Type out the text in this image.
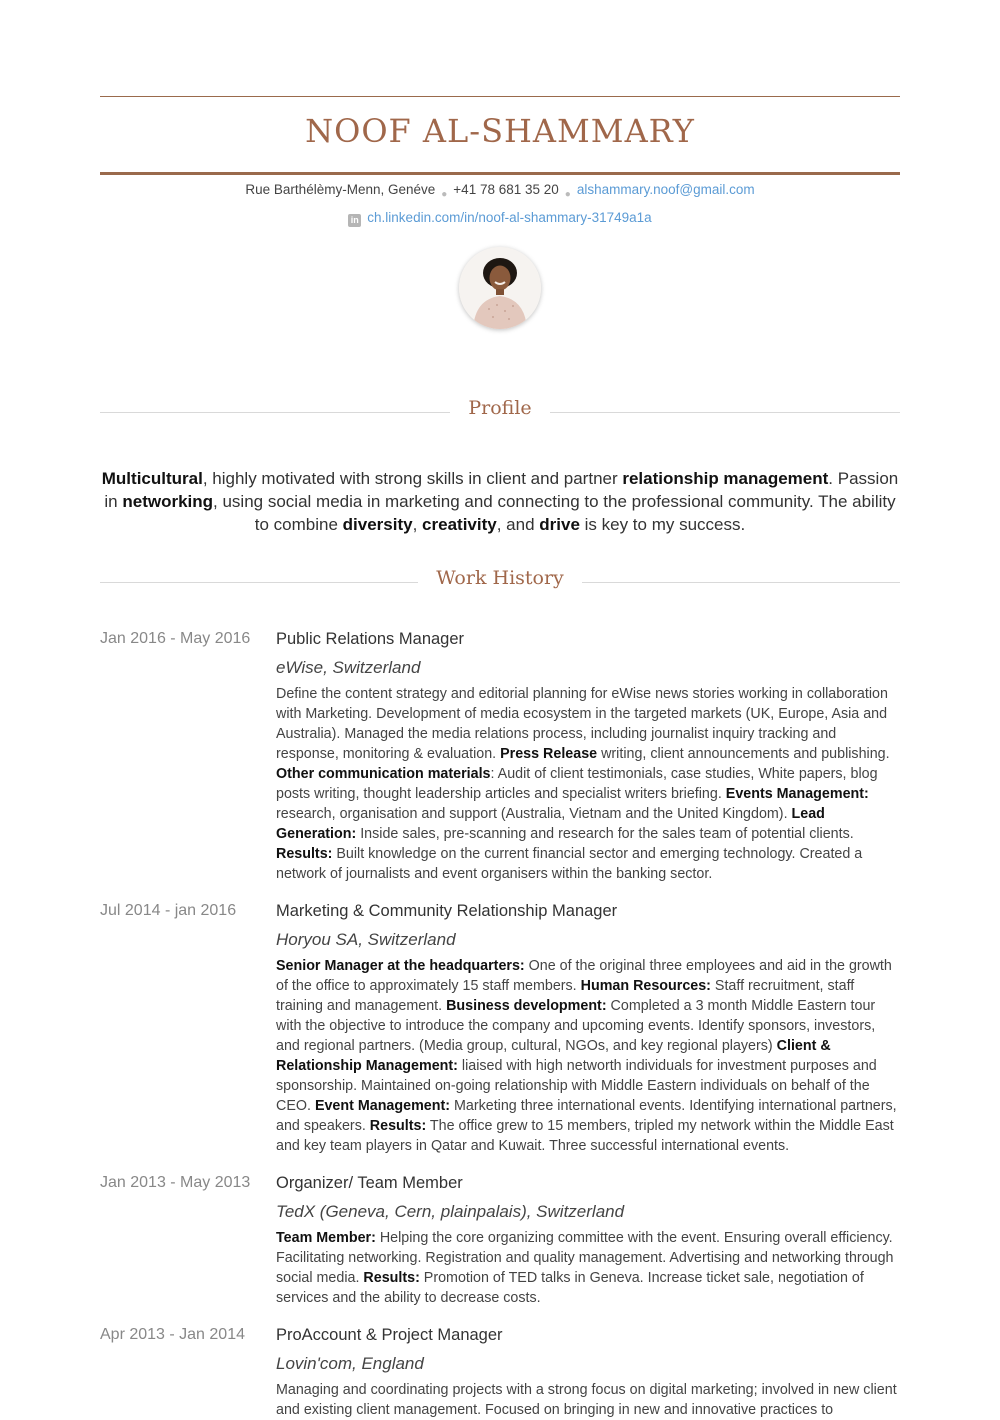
NOOF AL-SHAMMARY
Rue Barthélèmy-Menn, Genéve $_●$ +41 78 681 35 20 $_●$ alshammary.noof@gmail.com
in ch.linkedin.com/in/noof-al-shammary-31749a1a
Profile
Multicultural, highly motivated with strong skills in client and partner relationship management. Passion in networking, using social media in marketing and connecting to the professional community. The ability to combine diversity, creativity, and drive is key to my success.
Work History
Jan 2016 - May 2016 Public Relations Manager
eWise, Switzerland
Define the content strategy and editorial planning for eWise news stories working in collaboration with Marketing. Development of media ecosystem in the targeted markets (UK, Europe, Asia and Australia). Managed the media relations process, including journalist inquiry tracking and response, monitoring & evaluation. Press Release writing, client announcements and publishing. Other communication materials: Audit of client testimonials, case studies, White papers, blog posts writing, thought leadership articles and specialist writers briefing. Events Management: research, organisation and support (Australia, Vietnam and the United Kingdom). Lead Generation: Inside sales, pre-scanning and research for the sales team of potential clients. Results: Built knowledge on the current financial sector and emerging technology. Created a network of journalists and event organisers within the banking sector.
Jul 2014 - jan 2016 Marketing & Community Relationship Manager
Horyou SA, Switzerland
Senior Manager at the headquarters: One of the original three employees and aid in the growth of the office to approximately 15 staff members. Human Resources: Staff recruitment, staff training and management. Business development: Completed a 3 month Middle Eastern tour with the objective to introduce the company and upcoming events. Identify sponsors, investors, and regional partners. (Media group, cultural, NGOs, and key regional players) Client & Relationship Management: liaised with high networth individuals for investment purposes and sponsorship. Maintained on-going relationship with Middle Eastern individuals on behalf of the CEO. Event Management: Marketing three international events. Identifying international partners, and speakers. Results: The office grew to 15 members, tripled my network within the Middle East and key team players in Qatar and Kuwait. Three successful international events.
Jan 2013 - May 2013 Organizer/ Team Member
TedX (Geneva, Cern, plainpalais), Switzerland
Team Member: Helping the core organizing committee with the event. Ensuring overall efficiency. Facilitating networking. Registration and quality management. Advertising and networking through social media. Results: Promotion of TED talks in Geneva. Increase ticket sale, negotiation of services and the ability to decrease costs.
Apr 2013 - Jan 2014 ProAccount & Project Manager
Lovin'com, England
Managing and coordinating projects with a strong focus on digital marketing; involved in new client and existing client management. Focused on bringing in new and innovative practices to
